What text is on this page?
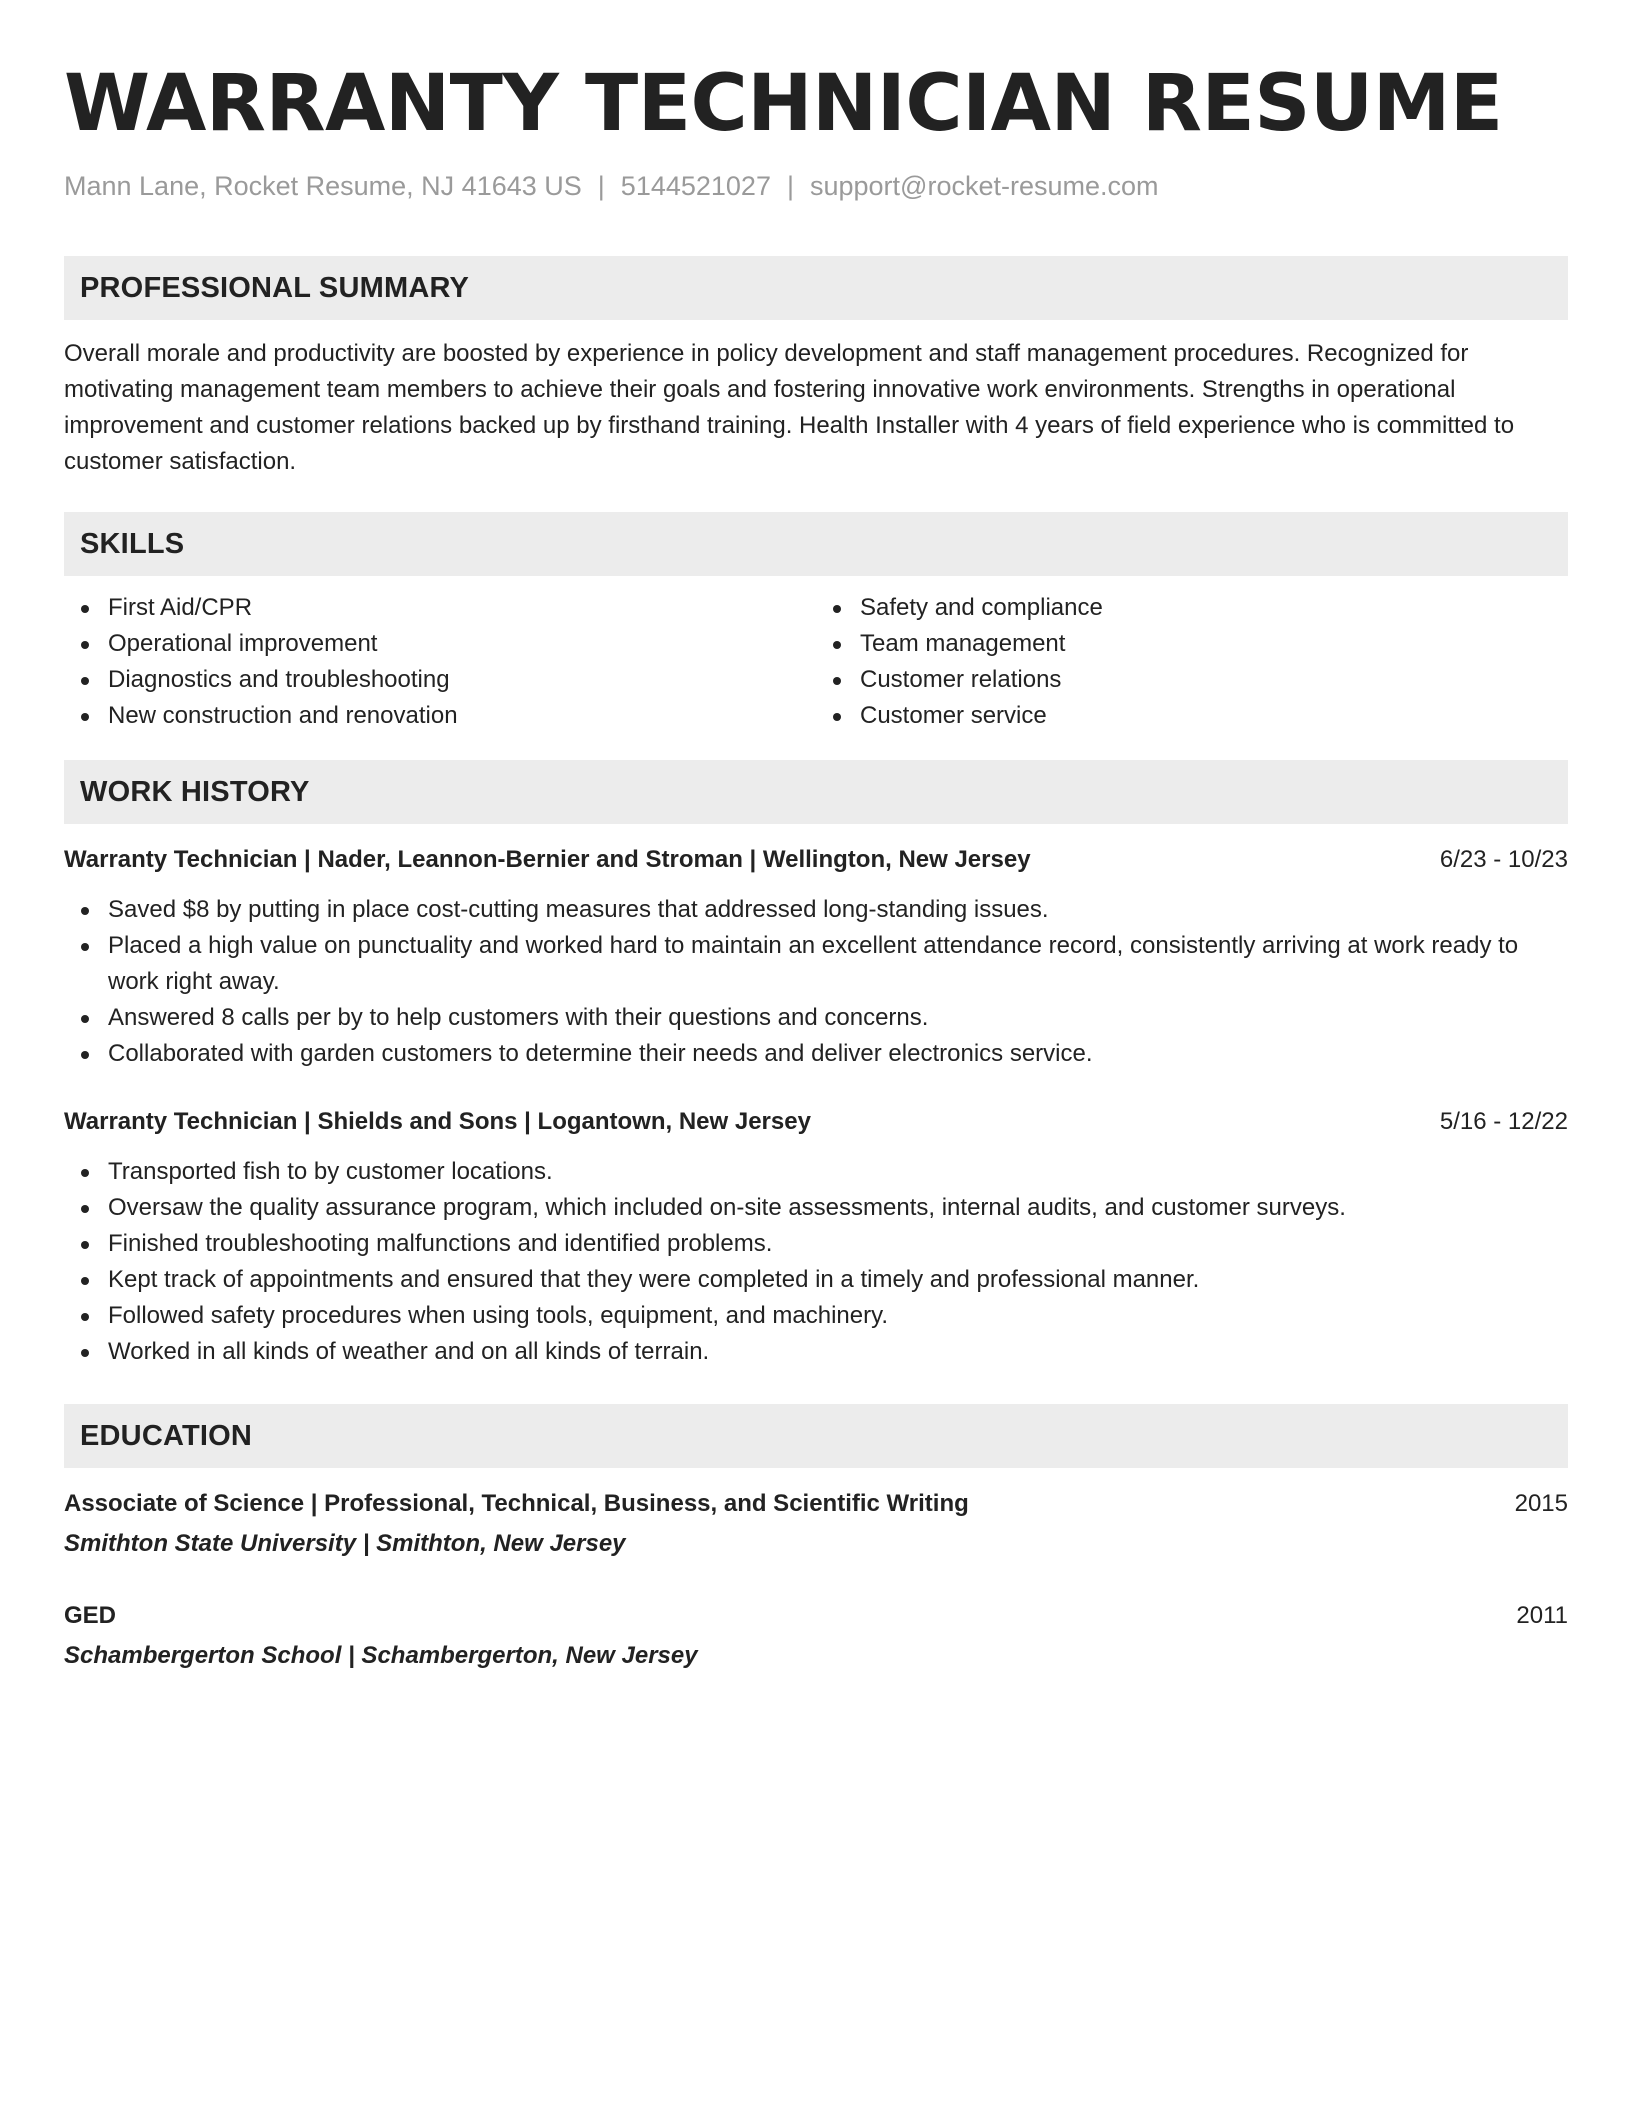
WARRANTY TECHNICIAN RESUME
Mann Lane, Rocket Resume, NJ 41643 US | 5144521027 | support@rocket-resume.com
PROFESSIONAL SUMMARY

Overall morale and productivity are boosted by experience in policy development and staff management procedures. Recognized for motivating management team members to achieve their goals and fostering innovative work environments. Strengths in operational improvement and customer relations backed up by firsthand training. Health Installer with 4 years of field experience who is committed to customer satisfaction.

SKILLS
First Aid/CPR
Operational improvement
Diagnostics and troubleshooting
New construction and renovation
Safety and compliance
Team management
Customer relations
Customer service
WORK HISTORY
Warranty Technician | Nader, Leannon-Bernier and Stroman | Wellington, New Jersey	6/23 - 10/23
Saved $8 by putting in place cost-cutting measures that addressed long-standing issues.
Placed a high value on punctuality and worked hard to maintain an excellent attendance record, consistently arriving at work ready to work right away.
Answered 8 calls per by to help customers with their questions and concerns.
Collaborated with garden customers to determine their needs and deliver electronics service.
Warranty Technician | Shields and Sons | Logantown, New Jersey	5/16 - 12/22
Transported fish to by customer locations.
Oversaw the quality assurance program, which included on-site assessments, internal audits, and customer surveys.
Finished troubleshooting malfunctions and identified problems.
Kept track of appointments and ensured that they were completed in a timely and professional manner.
Followed safety procedures when using tools, equipment, and machinery.
Worked in all kinds of weather and on all kinds of terrain.
EDUCATION
Associate of Science | Professional, Technical, Business, and Scientific Writing	2015
Smithton State University | Smithton, New Jersey
GED	2011
Schambergerton School | Schambergerton, New Jersey
